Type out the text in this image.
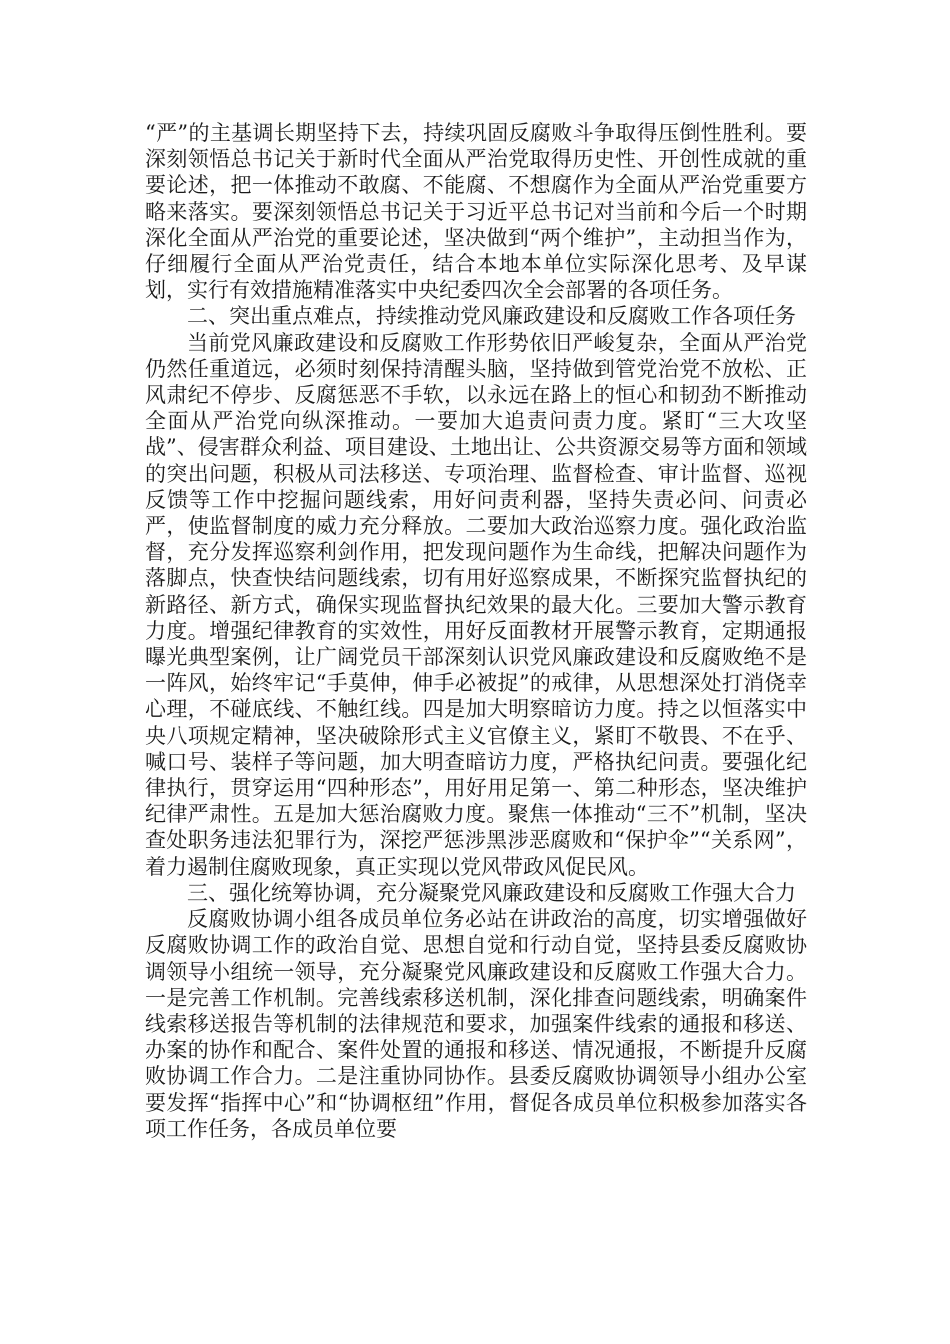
“严”的主基调长期坚持下去，持续巩固反腐败斗争取得压倒性胜利。要深刻领悟总书记关于新时代全面从严治党取得历史性、开创性成就的重要论述，把一体推动不敢腐、不能腐、不想腐作为全面从严治党重要方略来落实。要深刻领悟总书记关于习近平总书记对当前和今后一个时期深化全面从严治党的重要论述，坚决做到“两个维护”，主动担当作为，仔细履行全面从严治党责任，结合本地本单位实际深化思考、及早谋划，实行有效措施精准落实中央纪委四次全会部署的各项任务。

二、突出重点难点，持续推动党风廉政建设和反腐败工作各项任务

当前党风廉政建设和反腐败工作形势依旧严峻复杂，全面从严治党仍然任重道远，必须时刻保持清醒头脑，坚持做到管党治党不放松、正风肃纪不停步、反腐惩恶不手软，以永远在路上的恒心和韧劲不断推动全面从严治党向纵深推动。一要加大追责问责力度。紧盯“三大攻坚战”、侵害群众利益、项目建设、土地出让、公共资源交易等方面和领域的突出问题，积极从司法移送、专项治理、监督检查、审计监督、巡视反馈等工作中挖掘问题线索，用好问责利器，坚持失责必问、问责必严，使监督制度的威力充分释放。二要加大政治巡察力度。强化政治监督，充分发挥巡察利剑作用，把发现问题作为生命线，把解决问题作为落脚点，快查快结问题线索，切有用好巡察成果，不断探究监督执纪的新路径、新方式，确保实现监督执纪效果的最大化。三要加大警示教育力度。增强纪律教育的实效性，用好反面教材开展警示教育，定期通报曝光典型案例，让广阔党员干部深刻认识党风廉政建设和反腐败绝不是一阵风，始终牢记“手莫伸，伸手必被捉”的戒律，从思想深处打消侥幸心理，不碰底线、不触红线。四是加大明察暗访力度。持之以恒落实中央八项规定精神，坚决破除形式主义官僚主义，紧盯不敬畏、不在乎、喊口号、装样子等问题，加大明查暗访力度，严格执纪问责。要强化纪律执行，贯穿运用“四种形态”，用好用足第一、第二种形态，坚决维护纪律严肃性。五是加大惩治腐败力度。聚焦一体推动“三不”机制，坚决查处职务违法犯罪行为，深挖严惩涉黑涉恶腐败和“保护伞”“关系网”，着力遏制住腐败现象，真正实现以党风带政风促民风。

三、强化统筹协调，充分凝聚党风廉政建设和反腐败工作强大合力

反腐败协调小组各成员单位务必站在讲政治的高度，切实增强做好反腐败协调工作的政治自觉、思想自觉和行动自觉，坚持县委反腐败协调领导小组统一领导，充分凝聚党风廉政建设和反腐败工作强大合力。一是完善工作机制。完善线索移送机制，深化排查问题线索，明确案件线索移送报告等机制的法律规范和要求，加强案件线索的通报和移送、办案的协作和配合、案件处置的通报和移送、情况通报，不断提升反腐败协调工作合力。二是注重协同协作。县委反腐败协调领导小组办公室要发挥“指挥中心”和“协调枢纽”作用，督促各成员单位积极参加落实各项工作任务，各成员单位要
